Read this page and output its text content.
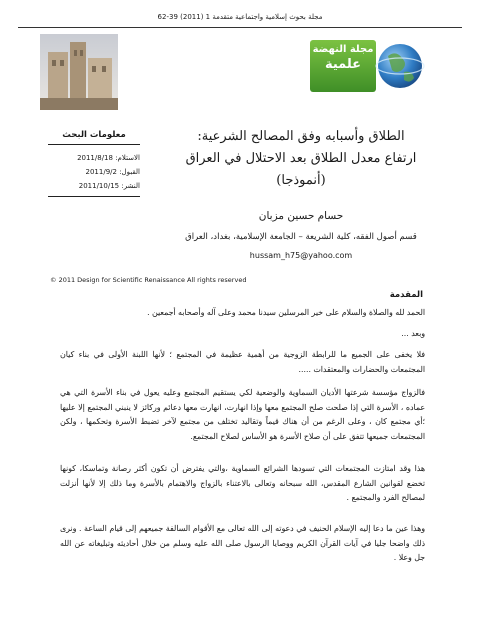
مجلة بحوث إسلامية واجتماعية متقدمة 1 (2011) 39-62
مجلة النهضة
علمية
معلومات البحث
الاستلام: 2011/8/18
القبول: 2011/9/2
النشر: 2011/10/15
الطلاق وأسبابه وفق المصالح الشرعية:
ارتفاع معدل الطلاق بعد الاحتلال في العراق
(أنموذجا)
حسام حسين مزبان
قسم أصول الفقه، كلية الشريعة – الجامعة الإسلامية، بغداد، العراق
hussam_h75@yahoo.com
© 2011 Design for Scientific Renaissance All rights reserved
المقدمة
الحمد لله والصلاة والسلام على خير المرسلين سيدنا محمد وعلى آله وأصحابه أجمعين .
وبعد ...
فلا يخفى على الجميع ما للرابطة الزوجية من أهمية عظيمة في المجتمع ؛ لأنها اللبنة الأولى في بناء كيان المجتمعات والحضارات والمعتقدات .....
فالزواج مؤسسة شرعتها الأديان السماوية والوضعية لكي يستقيم المجتمع وعليه يعول في بناء الأسرة التي هي عماده ، الأسرة التي إذا صلحت صلح المجتمع معها وإذا انهارت، انهارت معها دعائم وركائز لا ينبني المجتمع إلا عليها ؛أي مجتمع كان ، وعلى الرغم من أن هناك قيماً وتقاليد تختلف من مجتمع لآخر تضبط الأسرة وتحكمها ، ولكن المجتمعات جميعها تتفق على أن صلاح الأسرة هو الأساس لصلاح المجتمع.
هذا وقد امتازت المجتمعات التي تسودها الشرائع السماوية ،والتي يفترض أن تكون أكثر رصانة وتماسكا، كونها تخضع لقوانين الشارع المقدس، الله سبحانه وتعالى بالاعتناء بالزواج والاهتمام بالأسرة وما ذلك إلا لأنها أنزلت لمصالح الفرد والمجتمع .
وهذا عين ما دعا إليه الإسلام الحنيف في دعوته إلى الله تعالى مع الأقوام السالفة جميعهم إلى قيام الساعة . ونرى ذلك واضحا جليا في آيات القرآن الكريم ووصايا الرسول صلى الله عليه وسلم من خلال أحاديثه وتبليغاته عن الله جل وعلا .
